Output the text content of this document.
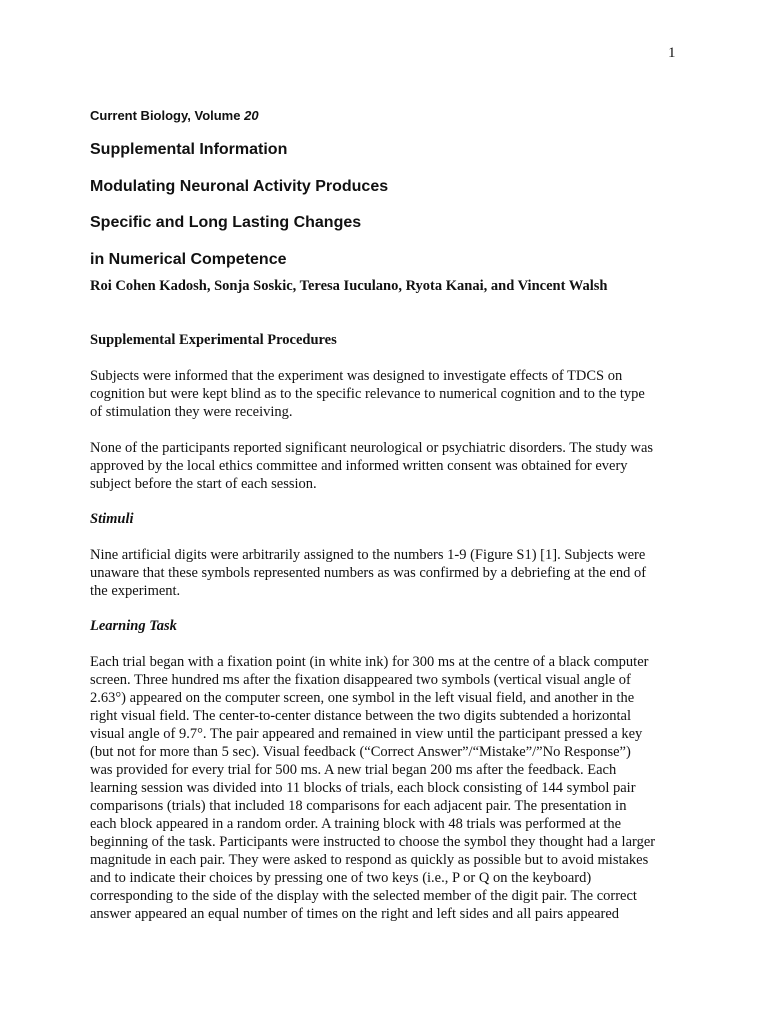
1
Current Biology, Volume 20
Supplemental Information
Modulating Neuronal Activity Produces
Specific and Long Lasting Changes
in Numerical Competence
Roi Cohen Kadosh, Sonja Soskic, Teresa Iuculano, Ryota Kanai, and Vincent Walsh
Supplemental Experimental Procedures
Subjects were informed that the experiment was designed to investigate effects of TDCS on
cognition but were kept blind as to the specific relevance to numerical cognition and to the type
of stimulation they were receiving.
None of the participants reported significant neurological or psychiatric disorders. The study was
approved by the local ethics committee and informed written consent was obtained for every
subject before the start of each session.
Stimuli
Nine artificial digits were arbitrarily assigned to the numbers 1-9 (Figure S1) [1]. Subjects were
unaware that these symbols represented numbers as was confirmed by a debriefing at the end of
the experiment.
Learning Task
Each trial began with a fixation point (in white ink) for 300 ms at the centre of a black computer
screen. Three hundred ms after the fixation disappeared two symbols (vertical visual angle of
2.63°) appeared on the computer screen, one symbol in the left visual field, and another in the
right visual field. The center-to-center distance between the two digits subtended a horizontal
visual angle of 9.7°. The pair appeared and remained in view until the participant pressed a key
(but not for more than 5 sec). Visual feedback (“Correct Answer”/“Mistake”/”No Response”)
was provided for every trial for 500 ms. A new trial began 200 ms after the feedback. Each
learning session was divided into 11 blocks of trials, each block consisting of 144 symbol pair
comparisons (trials) that included 18 comparisons for each adjacent pair. The presentation in
each block appeared in a random order. A training block with 48 trials was performed at the
beginning of the task. Participants were instructed to choose the symbol they thought had a larger
magnitude in each pair. They were asked to respond as quickly as possible but to avoid mistakes
and to indicate their choices by pressing one of two keys (i.e., P or Q on the keyboard)
corresponding to the side of the display with the selected member of the digit pair. The correct
answer appeared an equal number of times on the right and left sides and all pairs appeared
